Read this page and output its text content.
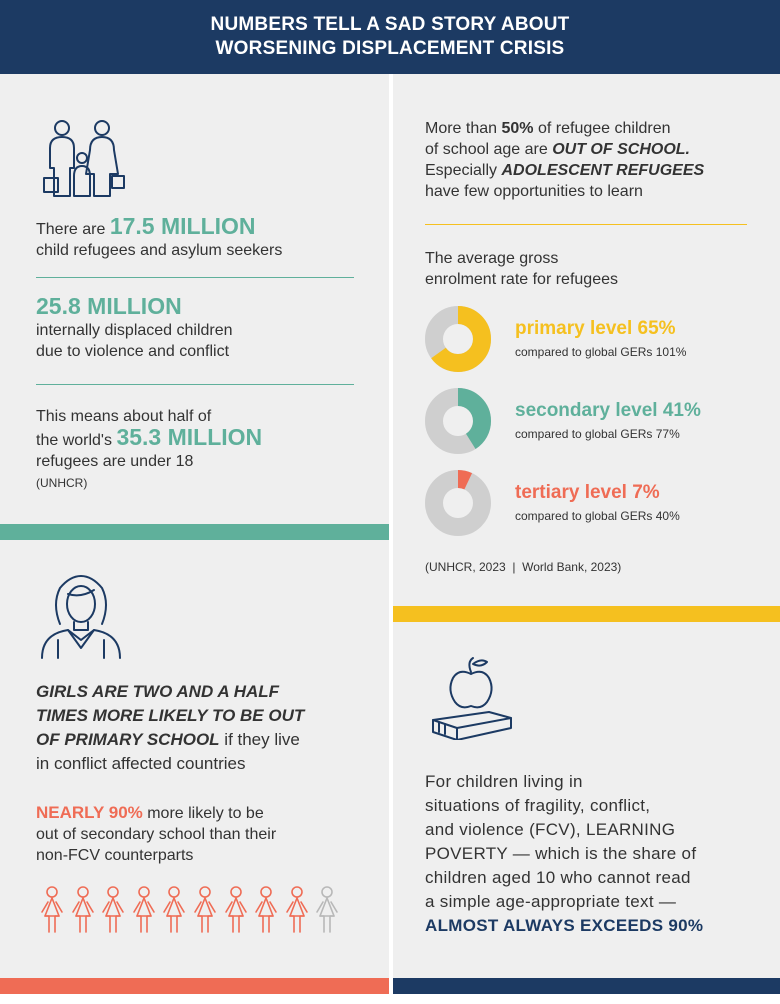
NUMBERS TELL A SAD STORY ABOUT
WORSENING DISPLACEMENT CRISIS
There are 17.5 MILLION
child refugees and asylum seekers
25.8 MILLION
internally displaced children
due to violence and conflict
This means about half of
the world's 35.3 MILLION
refugees are under 18
(UNHCR)
GIRLS ARE TWO AND A HALF
TIMES MORE LIKELY TO BE OUT
OF PRIMARY SCHOOL if they live
in conflict affected countries
NEARLY 90% more likely to be
out of secondary school than their
non-FCV counterparts
More than 50% of refugee children
of school age are OUT OF SCHOOL.
Especially ADOLESCENT REFUGEES
have few opportunities to learn
The average gross
enrolment rate for refugees
primary level 65%
compared to global GERs 101%
secondary level 41%
compared to global GERs 77%
tertiary level 7%
compared to global GERs 40%
(UNHCR, 2023  |  World Bank, 2023)
For children living in
situations of fragility, conflict,
and violence (FCV), LEARNING
POVERTY — which is the share of
children aged 10 who cannot read
a simple age-appropriate text —
ALMOST ALWAYS EXCEEDS 90%
